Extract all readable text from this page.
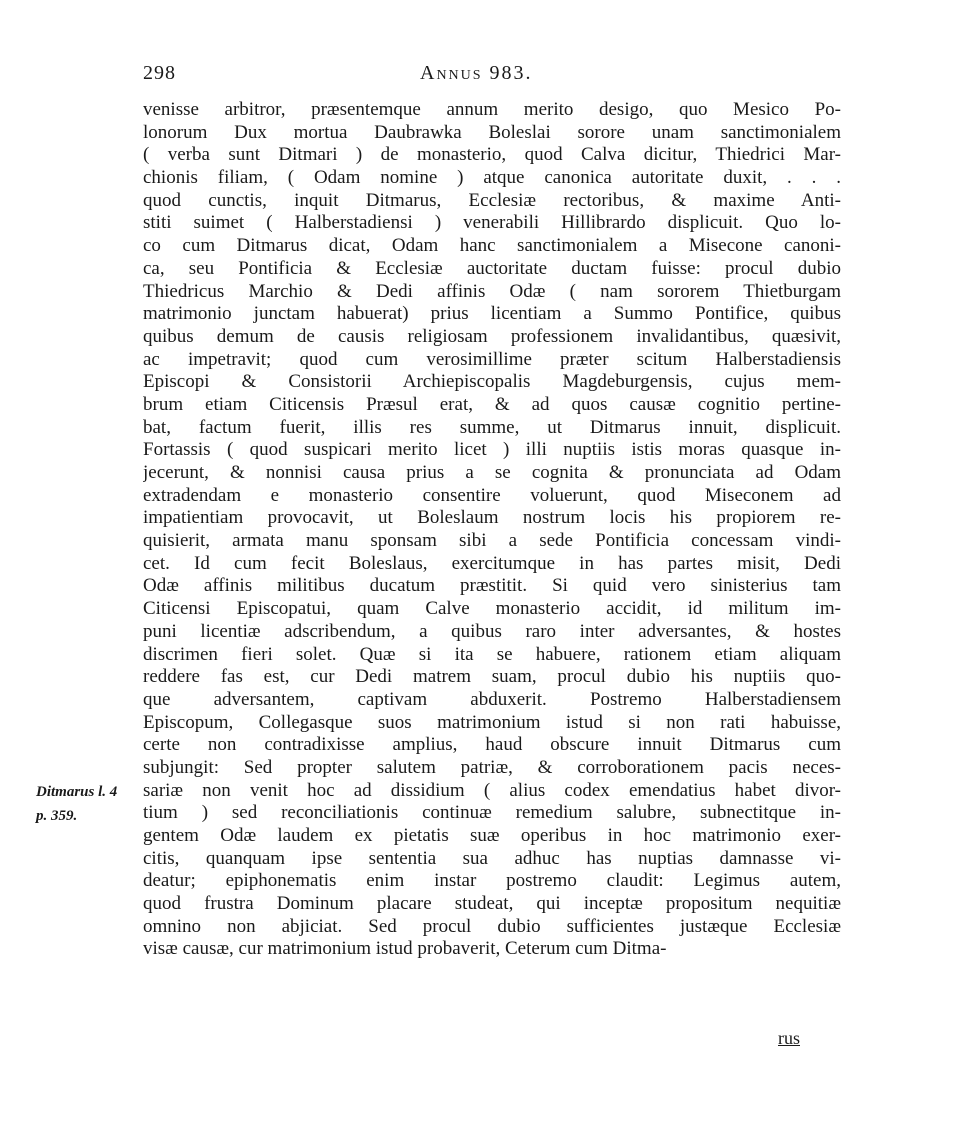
298	Annus 983.
venisse arbitror, præsentemque annum merito desigo, quo Mesico Po-
lonorum Dux mortua Daubrawka Boleslai sorore unam sanctimonialem
( verba sunt Ditmari ) de monasterio, quod Calva dicitur, Thiedrici Mar-
chionis filiam, ( Odam nomine ) atque canonica autoritate duxit, . . .
quod cunctis, inquit Ditmarus, Ecclesiæ rectoribus, & maxime Anti-
stiti suimet ( Halberstadiensi ) venerabili Hillibrardo displicuit. Quo lo-
co cum Ditmarus dicat, Odam hanc sanctimonialem a Misecone canoni-
ca, seu Pontificia & Ecclesiæ auctoritate ductam fuisse: procul dubio
Thiedricus Marchio & Dedi affinis Odæ ( nam sororem Thietburgam
matrimonio junctam habuerat) prius licentiam a Summo Pontifice, quibus
quibus demum de causis religiosam professionem invalidantibus, quæsivit,
ac impetravit; quod cum verosimillime præter scitum Halberstadiensis
Episcopi & Consistorii Archiepiscopalis Magdeburgensis, cujus mem-
brum etiam Citicensis Præsul erat, & ad quos causæ cognitio pertine-
bat, factum fuerit, illis res summe, ut Ditmarus innuit, displicuit.
Fortassis ( quod suspicari merito licet ) illi nuptiis istis moras quasque in-
jecerunt, & nonnisi causa prius a se cognita & pronunciata ad Odam
extradendam e monasterio consentire voluerunt, quod Miseconem ad
impatientiam provocavit, ut Boleslaum nostrum locis his propiorem re-
quisierit, armata manu sponsam sibi a sede Pontificia concessam vindi-
cet. Id cum fecit Boleslaus, exercitumque in has partes misit, Dedi
Odæ affinis militibus ducatum præstitit. Si quid vero sinisterius tam
Citicensi Episcopatui, quam Calve monasterio accidit, id militum im-
puni licentiæ adscribendum, a quibus raro inter adversantes, & hostes
discrimen fieri solet. Quæ si ita se habuere, rationem etiam aliquam
reddere fas est, cur Dedi matrem suam, procul dubio his nuptiis quo-
que adversantem, captivam abduxerit. Postremo Halberstadiensem
Episcopum, Collegasque suos matrimonium istud si non rati habuisse,
certe non contradixisse amplius, haud obscure innuit Ditmarus cum
subjungit: Sed propter salutem patriæ, & corroborationem pacis neces-
sariæ non venit hoc ad dissidium ( alius codex emendatius habet divor-
tium ) sed reconciliationis continuæ remedium salubre, subnectitque in-
gentem Odæ laudem ex pietatis suæ operibus in hoc matrimonio exer-
citis, quanquam ipse sententia sua adhuc has nuptias damnasse vi-
deatur; epiphonematis enim instar postremo claudit: Legimus autem,
quod frustra Dominum placare studeat, qui inceptæ propositum nequitiæ
omnino non abjiciat. Sed procul dubio sufficientes justæque Ecclesiæ
visæ causæ, cur matrimonium istud probaverit, Ceterum cum Ditma-
Ditmarus l. 4
p. 359.
rus
